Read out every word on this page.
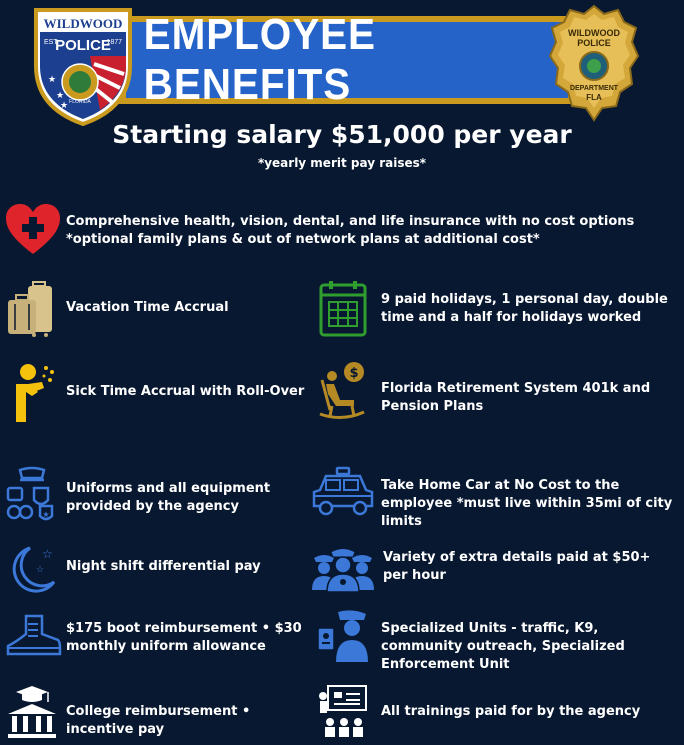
EMPLOYEE BENEFITS
WILDWOOD
EST.	1877
POLICE
FLORIDA
★
★
★
WILDWOOD
POLICE
DEPARTMENT
FLA
Starting salary $51,000 per year
*yearly merit pay raises*
Comprehensive health, vision, dental, and life insurance with no cost options *optional family plans & out of network plans at additional cost*
Vacation Time Accrual
9 paid holidays, 1 personal day, double time and a half for holidays worked
Sick Time Accrual with Roll-Over
$
Florida Retirement System 401k and Pension Plans
★
Uniforms and all equipment provided by the agency
Take Home Car at No Cost to the employee *must live within 35mi of city limits
☆
☆ Night shift differential pay
Variety of extra details paid at $50+ per hour
$175 boot reimbursement • $30 monthly uniform allowance
Specialized Units - traffic, K9, community outreach, Specialized Enforcement Unit
College reimbursement • incentive pay
All trainings paid for by the agency
